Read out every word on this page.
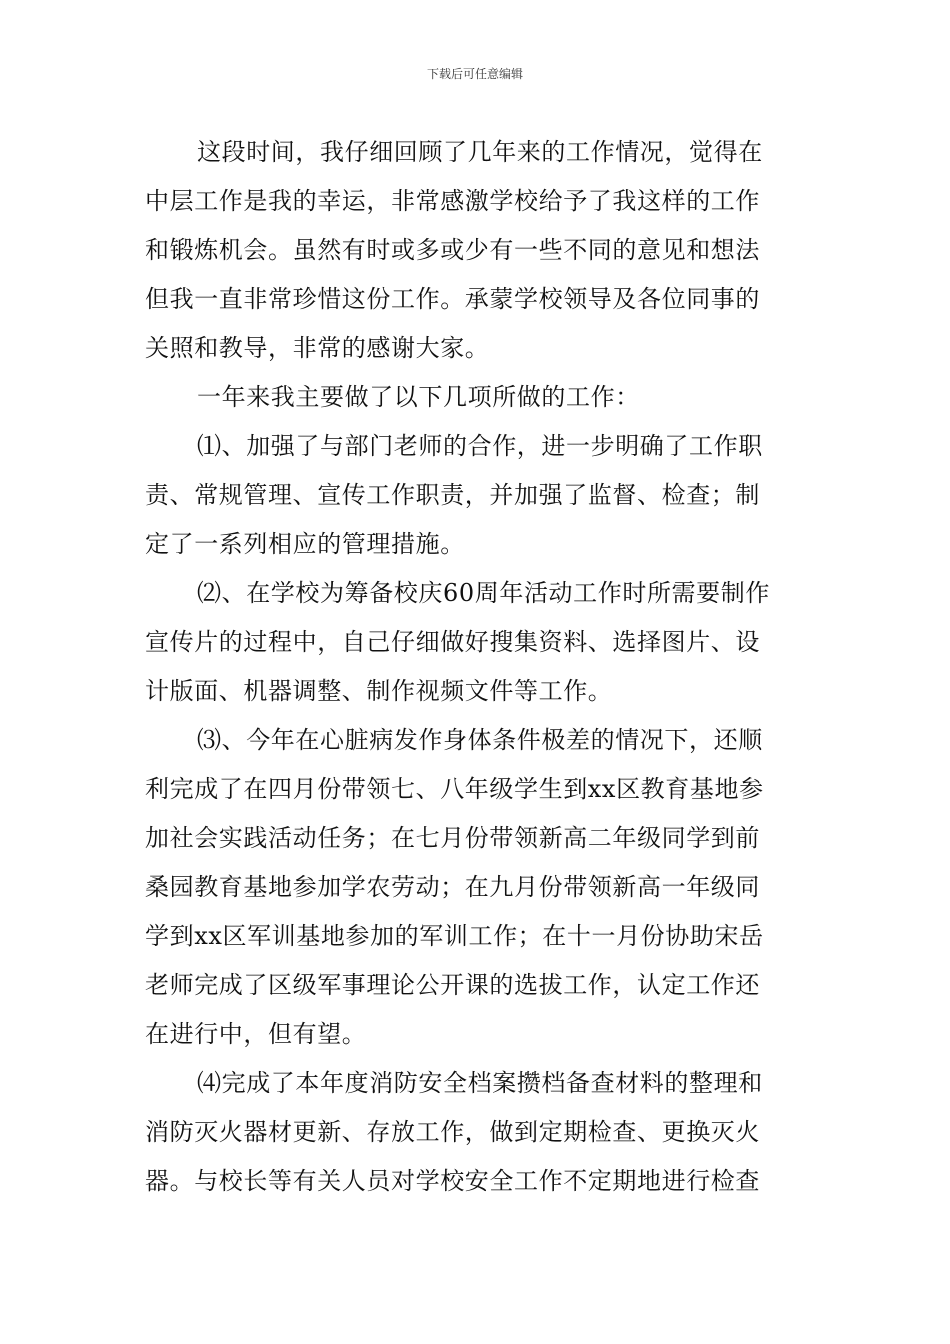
下载后可任意编辑
这段时间，我仔细回顾了几年来的工作情况，觉得在
中层工作是我的幸运，非常感激学校给予了我这样的工作
和锻炼机会。虽然有时或多或少有一些不同的意见和想法
但我一直非常珍惜这份工作。承蒙学校领导及各位同事的
关照和教导，非常的感谢大家。
一年来我主要做了以下几项所做的工作：
⑴、加强了与部门老师的合作，进一步明确了工作职
责、常规管理、宣传工作职责，并加强了监督、检查；制
定了一系列相应的管理措施。
⑵、在学校为筹备校庆60周年活动工作时所需要制作
宣传片的过程中，自己仔细做好搜集资料、选择图片、设
计版面、机器调整、制作视频文件等工作。
⑶、今年在心脏病发作身体条件极差的情况下，还顺
利完成了在四月份带领七、八年级学生到xx区教育基地参
加社会实践活动任务；在七月份带领新高二年级同学到前
桑园教育基地参加学农劳动；在九月份带领新高一年级同
学到xx区军训基地参加的军训工作；在十一月份协助宋岳
老师完成了区级军事理论公开课的选拔工作，认定工作还
在进行中，但有望。
⑷完成了本年度消防安全档案攒档备查材料的整理和
消防灭火器材更新、存放工作，做到定期检查、更换灭火
器。与校长等有关人员对学校安全工作不定期地进行检查
